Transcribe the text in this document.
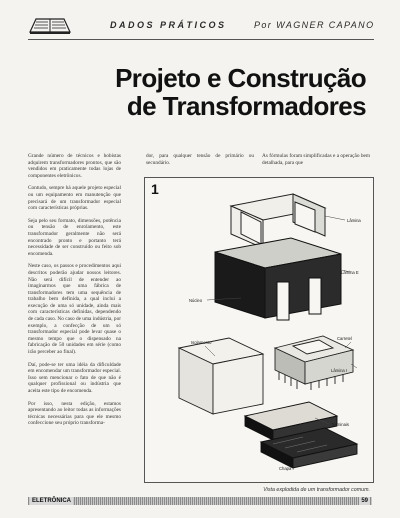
DADOS PRÁTICOS	Por WAGNER CAPANO
Projeto e Construção
de Transformadores

Grande número de técnicos e hobistas adquirem transformadores prontos, que são vendidos em praticamente todas lojas de componentes eletrônicos.

Contudo, sempre há aquele projeto especial ou um equipamento em manutenção que precisará de um transformador especial com características próprias.

Seja pelo seu formato, dimensões, potência ou tensão de enrolamento, este transformador geralmente não será encontrado pronto e portanto terá necessidade de ser construído ou feito sob encomenda.

Neste caso, os passos e procedimentos aqui descritos poderão ajudar nossos leitores. Não será difícil de entender ao imaginarmos que uma fábrica de transformadores tem uma sequência de trabalho bem definida, a qual inclui a execução de uma só unidade, ainda mais com características definidas, dependendo de cada caso. No caso de uma indústria, por exemplo, a confecção de um só transformador especial pode levar quase o mesmo tempo que o dispensado na fabricação de 50 unidades em série (como irão perceber ao final).

Daí, pode-se ter uma idéia da dificuldade em encomendar um transformador especial. Isso sem mencionar o fato de que não é qualquer profissional ou indústria que aceita este tipo de encomenda.

Por isso, nesta edição, estamos apresentando ao leitor todas as informações técnicas necessárias para que ele mesmo confeccione seu próprio transforma-

dor, para qualquer tensão de primário ou secundário.

As fórmulas foram simplificadas e a operação bem detalhada, para que

1
Lâmina
Lâmina E
Núcleo
Isolamento
Carretel
Lâmina I
Terminais
Chapa I
Vista explodida de um transformador comum.
ELETRÔNICA	59
